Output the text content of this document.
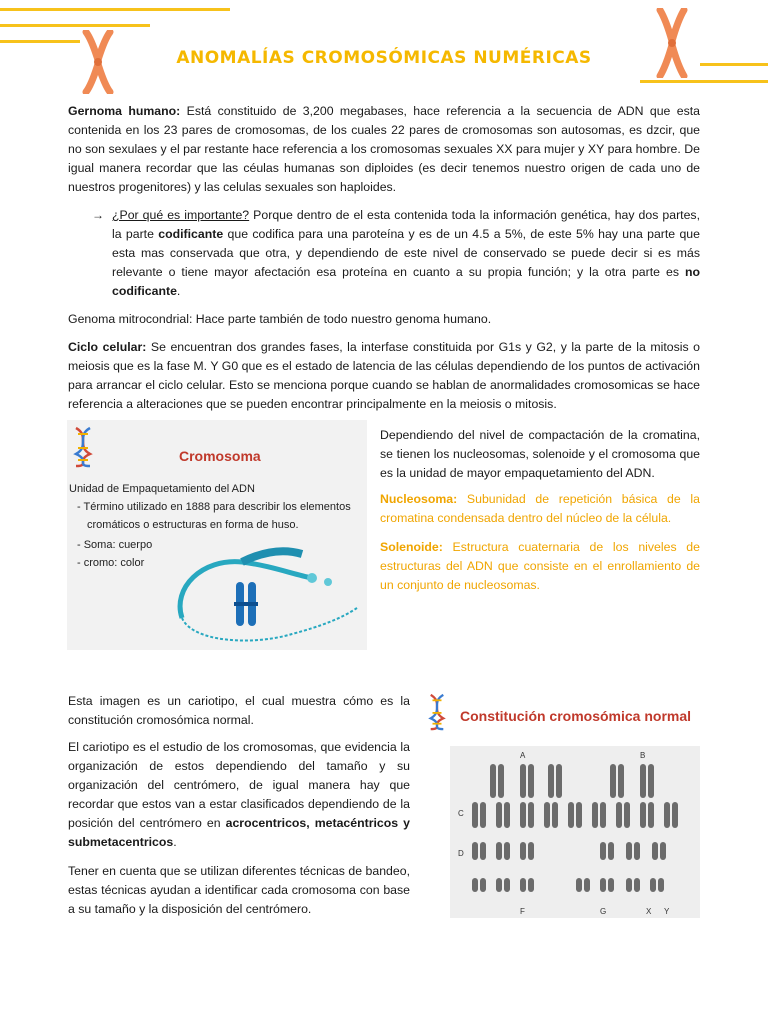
ANOMALÍAS CROMOSÓMICAS NUMÉRICAS

Gernoma humano: Está constituido de 3,200 megabases, hace referencia a la secuencia de ADN que esta contenida en los 23 pares de cromosomas, de los cuales 22 pares de cromosomas son autosomas, es dzcir, que no son sexulaes y el par restante hace referencia a los cromosomas sexuales XX para mujer y XY para hombre. De igual manera recordar que las céulas humanas son diploides (es decir tenemos nuestro origen de cada uno de nuestros progenitores) y las celulas sexuales son haploides.

→ ¿Por qué es importante? Porque dentro de el esta contenida toda la información genética, hay dos partes, la parte codificante que codifica para una paroteína y es de un 4.5 a 5%, de este 5% hay una parte que esta mas conservada que otra, y dependiendo de este nivel de conservado se puede decir si es más relevante o tiene mayor afectación esa proteína en cuanto a su propia función; y la otra parte es no codificante.

Genoma mitrocondrial: Hace parte también de todo nuestro genoma humano.

Ciclo celular: Se encuentran dos grandes fases, la interfase constituida por G1s y G2, y la parte de la mitosis o meiosis que es la fase M. Y G0 que es el estado de latencia de las células dependiendo de los puntos de activación para arrancar el ciclo celular. Esto se menciona porque cuando se hablan de anormalidades cromosomicas se hace referencia a alteraciones que se pueden encontrar principalmente en la meiosis o mitosis.

Cromosoma
Unidad de Empaquetamiento del ADN
- Término utilizado en 1888 para describir los elementos
cromáticos o estructuras en forma de huso.
- Soma: cuerpo
- cromo: color

Dependiendo del nivel de compactación de la cromatina, se tienen los nucleosomas, solenoide y el cromosoma que es la unidad de mayor empaquetamiento del ADN.

Nucleosoma: Subunidad de repetición básica de la cromatina condensada dentro del núcleo de la célula.

Solenoide: Estructura cuaternaria de los niveles de estructuras del ADN que consiste en el enrollamiento de un conjunto de nucleosomas.

Esta imagen es un cariotipo, el cual muestra cómo es la constitución cromosómica normal.

El cariotipo es el estudio de los cromosomas, que evidencia la organización de estos dependiendo del tamaño y su organización del centrómero, de igual manera hay que recordar que estos van a estar clasificados dependiendo de la posición del centrómero en acrocentricos, metacéntricos y submetacentricos.

Tener en cuenta que se utilizan diferentes técnicas de bandeo, estas técnicas ayudan a identificar cada cromosoma con base a su tamaño y la disposición del centrómero.

Constitución cromosómica normal
A	B
C
D
F	G	X Y
